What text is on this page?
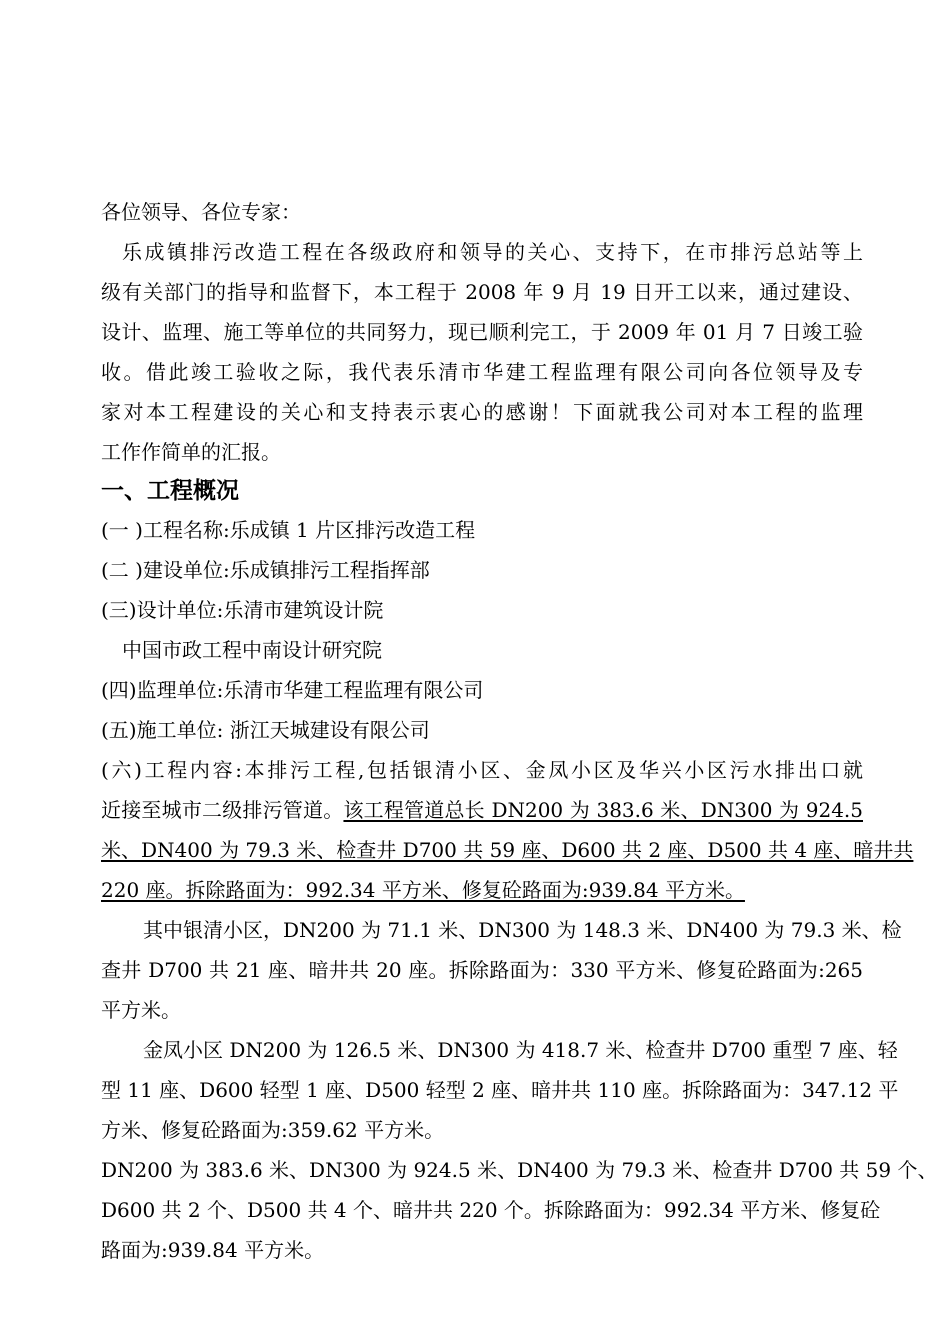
各位领导、各位专家：
乐成镇排污改造工程在各级政府和领导的关心、支持下，在市排污总站等上
级有关部门的指导和监督下，本工程于 2008 年 9 月 19 日开工以来，通过建设、
设计、监理、施工等单位的共同努力，现已顺利完工，于 2009 年 01 月 7 日竣工验
收。借此竣工验收之际，我代表乐清市华建工程监理有限公司向各位领导及专
家对本工程建设的关心和支持表示衷心的感谢！下面就我公司对本工程的监理
工作作简单的汇报。
一、工程概况
(一 )工程名称:乐成镇 1 片区排污改造工程
(二 )建设单位:乐成镇排污工程指挥部
(三)设计单位:乐清市建筑设计院
中国市政工程中南设计研究院
(四)监理单位:乐清市华建工程监理有限公司
(五)施工单位: 浙江天城建设有限公司
(六)工程内容:本排污工程,包括银清小区、金凤小区及华兴小区污水排出口就
近接至城市二级排污管道。该工程管道总长 DN200 为 383.6 米、DN300 为 924.5
米、DN400 为 79.3 米、检查井 D700 共 59 座、D600 共 2 座、D500 共 4 座、暗井共
220 座。拆除路面为：992.34 平方米、修复砼路面为:939.84 平方米。
其中银清小区，DN200 为 71.1 米、DN300 为 148.3 米、DN400 为 79.3 米、检
查井 D700 共 21 座、暗井共 20 座。拆除路面为：330 平方米、修复砼路面为:265
平方米。
金凤小区 DN200 为 126.5 米、DN300 为 418.7 米、检查井 D700 重型 7 座、轻
型 11 座、D600 轻型 1 座、D500 轻型 2 座、暗井共 110 座。拆除路面为：347.12 平
方米、修复砼路面为:359.62 平方米。
DN200 为 383.6 米、DN300 为 924.5 米、DN400 为 79.3 米、检查井 D700 共 59 个、
D600 共 2 个、D500 共 4 个、暗井共 220 个。拆除路面为：992.34 平方米、修复砼
路面为:939.84 平方米。
